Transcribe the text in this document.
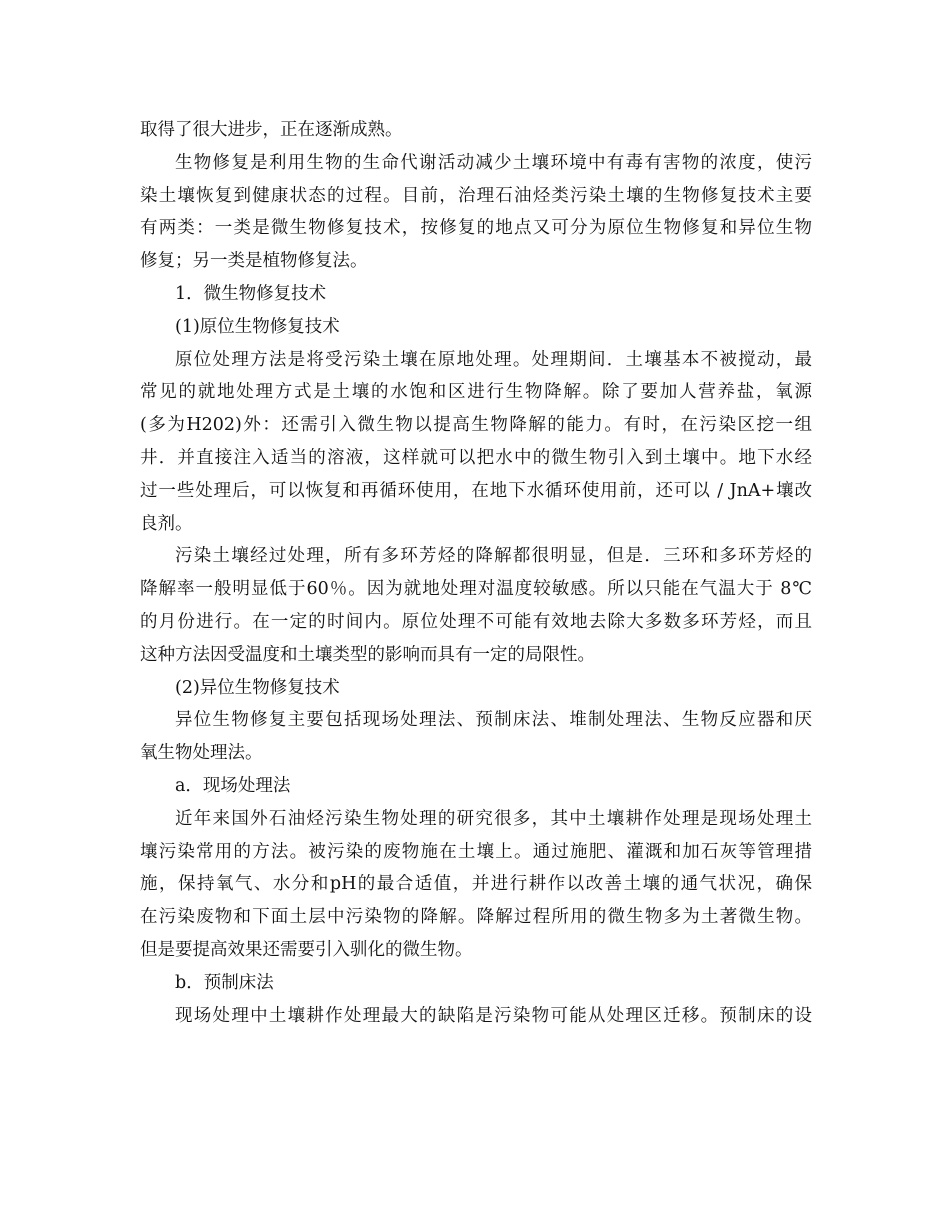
取得了很大进步，正在逐渐成熟。
生物修复是利用生物的生命代谢活动减少土壤环境中有毒有害物的浓度，使污
染土壤恢复到健康状态的过程。目前，治理石油烃类污染土壤的生物修复技术主要
有两类：一类是微生物修复技术，按修复的地点又可分为原位生物修复和异位生物
修复；另一类是植物修复法。
1．微生物修复技术
(1)原位生物修复技术
原位处理方法是将受污染土壤在原地处理。处理期间．土壤基本不被搅动，最
常见的就地处理方式是土壤的水饱和区进行生物降解。除了要加人营养盐，氧源
(多为H202)外：还需引入微生物以提高生物降解的能力。有时，在污染区挖一组
井．并直接注入适当的溶液，这样就可以把水中的微生物引入到土壤中。地下水经
过一些处理后，可以恢复和再循环使用，在地下水循环使用前，还可以 / JnA+壤改
良剂。
污染土壤经过处理，所有多环芳烃的降解都很明显，但是．三环和多环芳烃的
降解率一般明显低于60％。因为就地处理对温度较敏感。所以只能在气温大于 8℃
的月份进行。在一定的时间内。原位处理不可能有效地去除大多数多环芳烃，而且
这种方法因受温度和土壤类型的影响而具有一定的局限性。
(2)异位生物修复技术
异位生物修复主要包括现场处理法、预制床法、堆制处理法、生物反应器和厌
氧生物处理法。
a．现场处理法
近年来国外石油烃污染生物处理的研究很多，其中土壤耕作处理是现场处理土
壤污染常用的方法。被污染的废物施在土壤上。通过施肥、灌溉和加石灰等管理措
施，保持氧气、水分和pH的最合适值，并进行耕作以改善土壤的通气状况，确保
在污染废物和下面土层中污染物的降解。降解过程所用的微生物多为土著微生物。
但是要提高效果还需要引入驯化的微生物。
b．预制床法
现场处理中土壤耕作处理最大的缺陷是污染物可能从处理区迁移。预制床的设
